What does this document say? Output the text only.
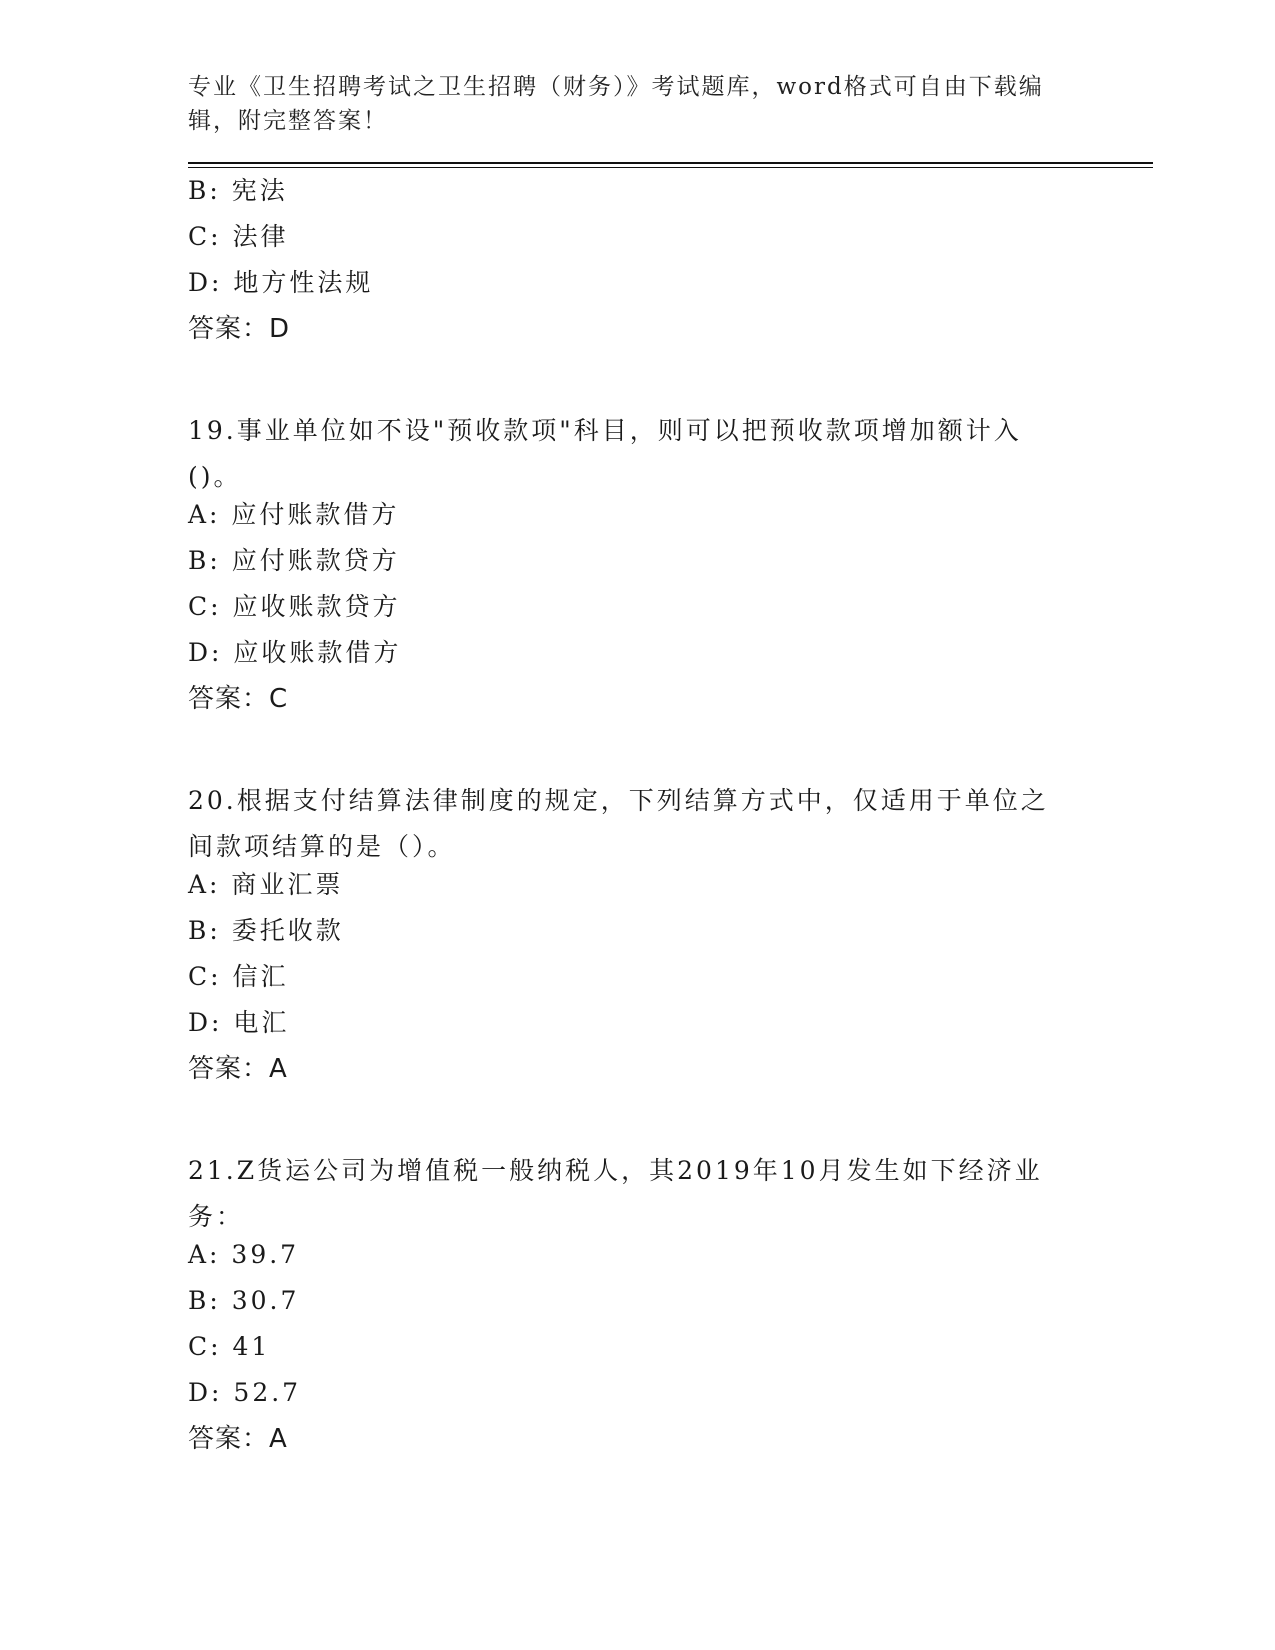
专业《卫生招聘考试之卫生招聘（财务）》考试题库，word格式可自由下载编辑，附完整答案！

B: 宪法
C: 法律
D: 地方性法规
答案：D

19.事业单位如不设"预收款项"科目，则可以把预收款项增加额计入()。

A: 应付账款借方
B: 应付账款贷方
C: 应收账款贷方
D: 应收账款借方
答案：C

20.根据支付结算法律制度的规定，下列结算方式中，仅适用于单位之间款项结算的是（）。

A: 商业汇票
B: 委托收款
C: 信汇
D: 电汇
答案：A

21.Z货运公司为增值税一般纳税人，其2019年10月发生如下经济业务：

A: 39.7
B: 30.7
C: 41
D: 52.7
答案：A
